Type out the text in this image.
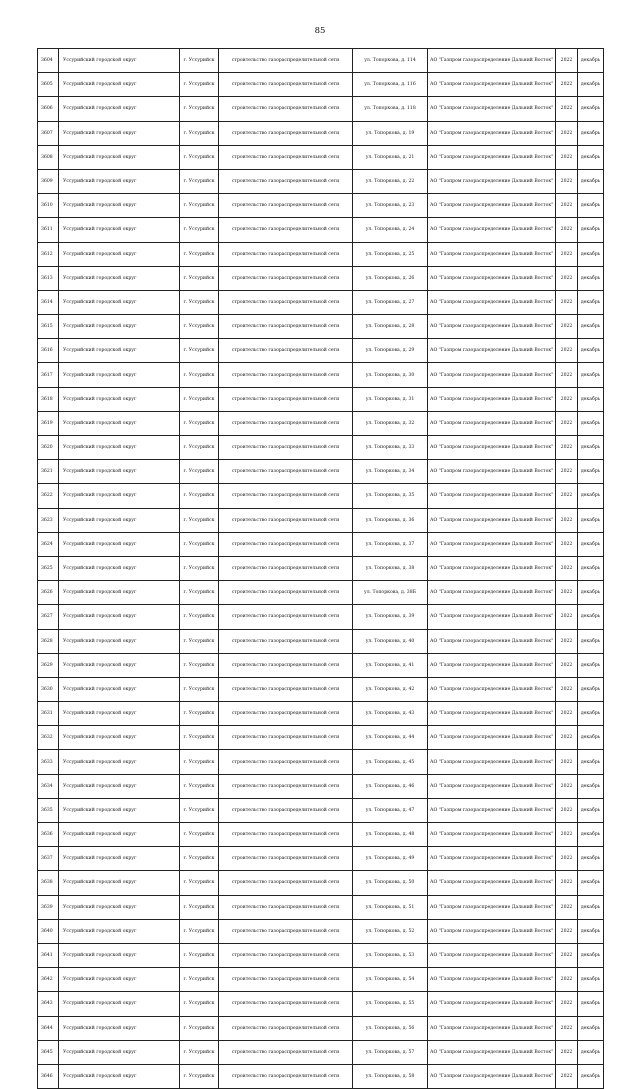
85
3604	Уссурийский городской округ	г. Уссурийск	строительство газораспределительной сети	ул. Топоркова, д. 114	АО "Газпром газораспределение Дальний Восток"	2022	декабрь
3605	Уссурийский городской округ	г. Уссурийск	строительство газораспределительной сети	ул. Топоркова, д. 116	АО "Газпром газораспределение Дальний Восток"	2022	декабрь
3606	Уссурийский городской округ	г. Уссурийск	строительство газораспределительной сети	ул. Топоркова, д. 118	АО "Газпром газораспределение Дальний Восток"	2022	декабрь
3607	Уссурийский городской округ	г. Уссурийск	строительство газораспределительной сети	ул. Топоркова, д. 19	АО "Газпром газораспределение Дальний Восток"	2022	декабрь
3608	Уссурийский городской округ	г. Уссурийск	строительство газораспределительной сети	ул. Топоркова, д. 21	АО "Газпром газораспределение Дальний Восток"	2022	декабрь
3609	Уссурийский городской округ	г. Уссурийск	строительство газораспределительной сети	ул. Топоркова, д. 22	АО "Газпром газораспределение Дальний Восток"	2022	декабрь
3610	Уссурийский городской округ	г. Уссурийск	строительство газораспределительной сети	ул. Топоркова, д. 23	АО "Газпром газораспределение Дальний Восток"	2022	декабрь
3611	Уссурийский городской округ	г. Уссурийск	строительство газораспределительной сети	ул. Топоркова, д. 24	АО "Газпром газораспределение Дальний Восток"	2022	декабрь
3612	Уссурийский городской округ	г. Уссурийск	строительство газораспределительной сети	ул. Топоркова, д. 25	АО "Газпром газораспределение Дальний Восток"	2022	декабрь
3613	Уссурийский городской округ	г. Уссурийск	строительство газораспределительной сети	ул. Топоркова, д. 26	АО "Газпром газораспределение Дальний Восток"	2022	декабрь
3614	Уссурийский городской округ	г. Уссурийск	строительство газораспределительной сети	ул. Топоркова, д. 27	АО "Газпром газораспределение Дальний Восток"	2022	декабрь
3615	Уссурийский городской округ	г. Уссурийск	строительство газораспределительной сети	ул. Топоркова, д. 28	АО "Газпром газораспределение Дальний Восток"	2022	декабрь
3616	Уссурийский городской округ	г. Уссурийск	строительство газораспределительной сети	ул. Топоркова, д. 29	АО "Газпром газораспределение Дальний Восток"	2022	декабрь
3617	Уссурийский городской округ	г. Уссурийск	строительство газораспределительной сети	ул. Топоркова, д. 30	АО "Газпром газораспределение Дальний Восток"	2022	декабрь
3618	Уссурийский городской округ	г. Уссурийск	строительство газораспределительной сети	ул. Топоркова, д. 31	АО "Газпром газораспределение Дальний Восток"	2022	декабрь
3619	Уссурийский городской округ	г. Уссурийск	строительство газораспределительной сети	ул. Топоркова, д. 32	АО "Газпром газораспределение Дальний Восток"	2022	декабрь
3620	Уссурийский городской округ	г. Уссурийск	строительство газораспределительной сети	ул. Топоркова, д. 33	АО "Газпром газораспределение Дальний Восток"	2022	декабрь
3621	Уссурийский городской округ	г. Уссурийск	строительство газораспределительной сети	ул. Топоркова, д. 34	АО "Газпром газораспределение Дальний Восток"	2022	декабрь
3622	Уссурийский городской округ	г. Уссурийск	строительство газораспределительной сети	ул. Топоркова, д. 35	АО "Газпром газораспределение Дальний Восток"	2022	декабрь
3623	Уссурийский городской округ	г. Уссурийск	строительство газораспределительной сети	ул. Топоркова, д. 36	АО "Газпром газораспределение Дальний Восток"	2022	декабрь
3624	Уссурийский городской округ	г. Уссурийск	строительство газораспределительной сети	ул. Топоркова, д. 37	АО "Газпром газораспределение Дальний Восток"	2022	декабрь
3625	Уссурийский городской округ	г. Уссурийск	строительство газораспределительной сети	ул. Топоркова, д. 38	АО "Газпром газораспределение Дальний Восток"	2022	декабрь
3626	Уссурийский городской округ	г. Уссурийск	строительство газораспределительной сети	ул. Топоркова, д. 38Б	АО "Газпром газораспределение Дальний Восток"	2022	декабрь
3627	Уссурийский городской округ	г. Уссурийск	строительство газораспределительной сети	ул. Топоркова, д. 39	АО "Газпром газораспределение Дальний Восток"	2022	декабрь
3628	Уссурийский городской округ	г. Уссурийск	строительство газораспределительной сети	ул. Топоркова, д. 40	АО "Газпром газораспределение Дальний Восток"	2022	декабрь
3629	Уссурийский городской округ	г. Уссурийск	строительство газораспределительной сети	ул. Топоркова, д. 41	АО "Газпром газораспределение Дальний Восток"	2022	декабрь
3630	Уссурийский городской округ	г. Уссурийск	строительство газораспределительной сети	ул. Топоркова, д. 42	АО "Газпром газораспределение Дальний Восток"	2022	декабрь
3631	Уссурийский городской округ	г. Уссурийск	строительство газораспределительной сети	ул. Топоркова, д. 43	АО "Газпром газораспределение Дальний Восток"	2022	декабрь
3632	Уссурийский городской округ	г. Уссурийск	строительство газораспределительной сети	ул. Топоркова, д. 44	АО "Газпром газораспределение Дальний Восток"	2022	декабрь
3633	Уссурийский городской округ	г. Уссурийск	строительство газораспределительной сети	ул. Топоркова, д. 45	АО "Газпром газораспределение Дальний Восток"	2022	декабрь
3634	Уссурийский городской округ	г. Уссурийск	строительство газораспределительной сети	ул. Топоркова, д. 46	АО "Газпром газораспределение Дальний Восток"	2022	декабрь
3635	Уссурийский городской округ	г. Уссурийск	строительство газораспределительной сети	ул. Топоркова, д. 47	АО "Газпром газораспределение Дальний Восток"	2022	декабрь
3636	Уссурийский городской округ	г. Уссурийск	строительство газораспределительной сети	ул. Топоркова, д. 48	АО "Газпром газораспределение Дальний Восток"	2022	декабрь
3637	Уссурийский городской округ	г. Уссурийск	строительство газораспределительной сети	ул. Топоркова, д. 49	АО "Газпром газораспределение Дальний Восток"	2022	декабрь
3638	Уссурийский городской округ	г. Уссурийск	строительство газораспределительной сети	ул. Топоркова, д. 50	АО "Газпром газораспределение Дальний Восток"	2022	декабрь
3639	Уссурийский городской округ	г. Уссурийск	строительство газораспределительной сети	ул. Топоркова, д. 51	АО "Газпром газораспределение Дальний Восток"	2022	декабрь
3640	Уссурийский городской округ	г. Уссурийск	строительство газораспределительной сети	ул. Топоркова, д. 52	АО "Газпром газораспределение Дальний Восток"	2022	декабрь
3641	Уссурийский городской округ	г. Уссурийск	строительство газораспределительной сети	ул. Топоркова, д. 53	АО "Газпром газораспределение Дальний Восток"	2022	декабрь
3642	Уссурийский городской округ	г. Уссурийск	строительство газораспределительной сети	ул. Топоркова, д. 54	АО "Газпром газораспределение Дальний Восток"	2022	декабрь
3643	Уссурийский городской округ	г. Уссурийск	строительство газораспределительной сети	ул. Топоркова, д. 55	АО "Газпром газораспределение Дальний Восток"	2022	декабрь
3644	Уссурийский городской округ	г. Уссурийск	строительство газораспределительной сети	ул. Топоркова, д. 56	АО "Газпром газораспределение Дальний Восток"	2022	декабрь
3645	Уссурийский городской округ	г. Уссурийск	строительство газораспределительной сети	ул. Топоркова, д. 57	АО "Газпром газораспределение Дальний Восток"	2022	декабрь
3646	Уссурийский городской округ	г. Уссурийск	строительство газораспределительной сети	ул. Топоркова, д. 58	АО "Газпром газораспределение Дальний Восток"	2022	декабрь
